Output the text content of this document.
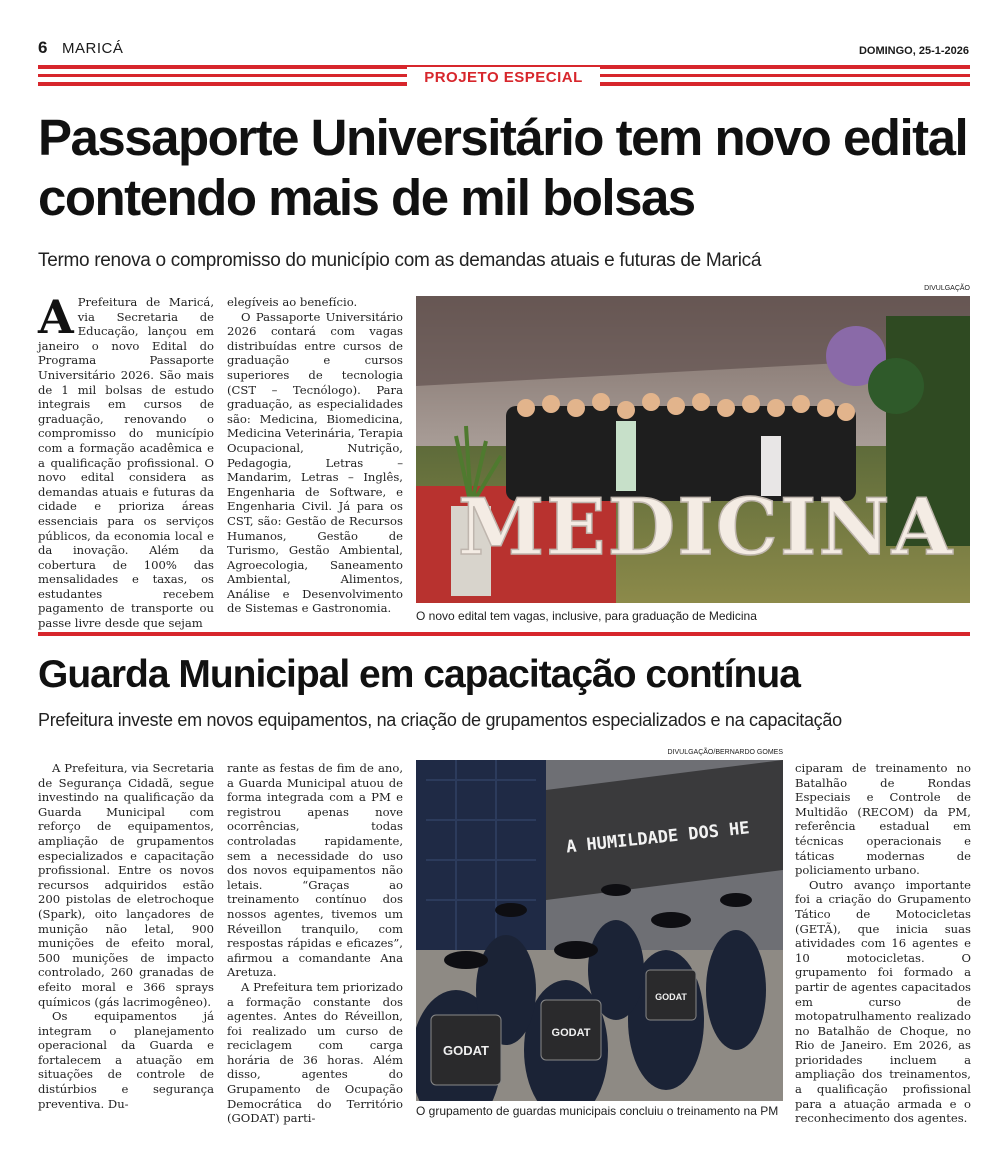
6 MARICÁ	DOMINGO, 25-1-2026
PROJETO ESPECIAL
Passaporte Universitário tem novo edital contendo mais de mil bolsas
Termo renova o compromisso do município com as demandas atuais e futuras de Maricá

A Prefeitura de Maricá, via Secretaria de Educação, lançou em janeiro o novo Edital do Programa Passaporte Universitário 2026. São mais de 1 mil bolsas de estudo integrais em cursos de graduação, renovando o compromisso do município com a formação acadêmica e a qualificação profissional. O novo edital considera as demandas atuais e futuras da cidade e prioriza áreas essenciais para os serviços públicos, da economia local e da inovação. Além da cobertura de 100% das mensalidades e taxas, os estudantes recebem pagamento de transporte ou passe livre desde que sejam

elegíveis ao benefício.

O Passaporte Universitário 2026 contará com vagas distribuídas entre cursos de graduação e cursos superiores de tecnologia (CST – Tecnólogo). Para graduação, as especialidades são: Medicina, Biomedicina, Medicina Veterinária, Terapia Ocupacional, Nutrição, Pedagogia, Letras – Mandarim, Letras – Inglês, Engenharia de Software, e Engenharia Civil. Já para os CST, são: Gestão de Recursos Humanos, Gestão de Turismo, Gestão Ambiental, Agroecologia, Saneamento Ambiental, Alimentos, Análise e Desenvolvimento de Sistemas e Gastronomia.

DIVULGAÇÃO
MEDICINA
O novo edital tem vagas, inclusive, para graduação de Medicina
Guarda Municipal em capacitação contínua
Prefeitura investe em novos equipamentos, na criação de grupamentos especializados e na capacitação

A Prefeitura, via Secretaria de Segurança Cidadã, segue investindo na qualificação da Guarda Municipal com reforço de equipamentos, ampliação de grupamentos especializados e capacitação profissional. Entre os novos recursos adquiridos estão 200 pistolas de eletrochoque (Spark), oito lançadores de munição não letal, 900 munições de efeito moral, 500 munições de impacto controlado, 260 granadas de efeito moral e 366 sprays químicos (gás lacrimogêneo).

Os equipamentos já integram o planejamento operacional da Guarda e fortalecem a atuação em situações de controle de distúrbios e segurança preventiva. Du-

rante as festas de fim de ano, a Guarda Municipal atuou de forma integrada com a PM e registrou apenas nove ocorrências, todas controladas rapidamente, sem a necessidade do uso dos novos equipamentos não letais. “Graças ao treinamento contínuo dos nossos agentes, tivemos um Réveillon tranquilo, com respostas rápidas e eficazes”, afirmou a comandante Ana Aretuza.

A Prefeitura tem priorizado a formação constante dos agentes. Antes do Réveillon, foi realizado um curso de reciclagem com carga horária de 36 horas. Além disso, agentes do Grupamento de Ocupação Democrática do Território (GODAT) parti-

ciparam de treinamento no Batalhão de Rondas Especiais e Controle de Multidão (RECOM) da PM, referência estadual em técnicas operacionais e táticas modernas de policiamento urbano.

Outro avanço importante foi a criação do Grupamento Tático de Motocicletas (GETÃ), que inicia suas atividades com 16 agentes e 10 motocicletas. O grupamento foi formado a partir de agentes capacitados em curso de motopatrulhamento realizado no Batalhão de Choque, no Rio de Janeiro. Em 2026, as prioridades incluem a ampliação dos treinamentos, a qualificação profissional para a atuação armada e o reconhecimento dos agentes.

DIVULGAÇÃO/BERNARDO GOMES
A HUMILDADE DOS HE
GODAT
GODAT
GODAT
O grupamento de guardas municipais concluiu o treinamento na PM
